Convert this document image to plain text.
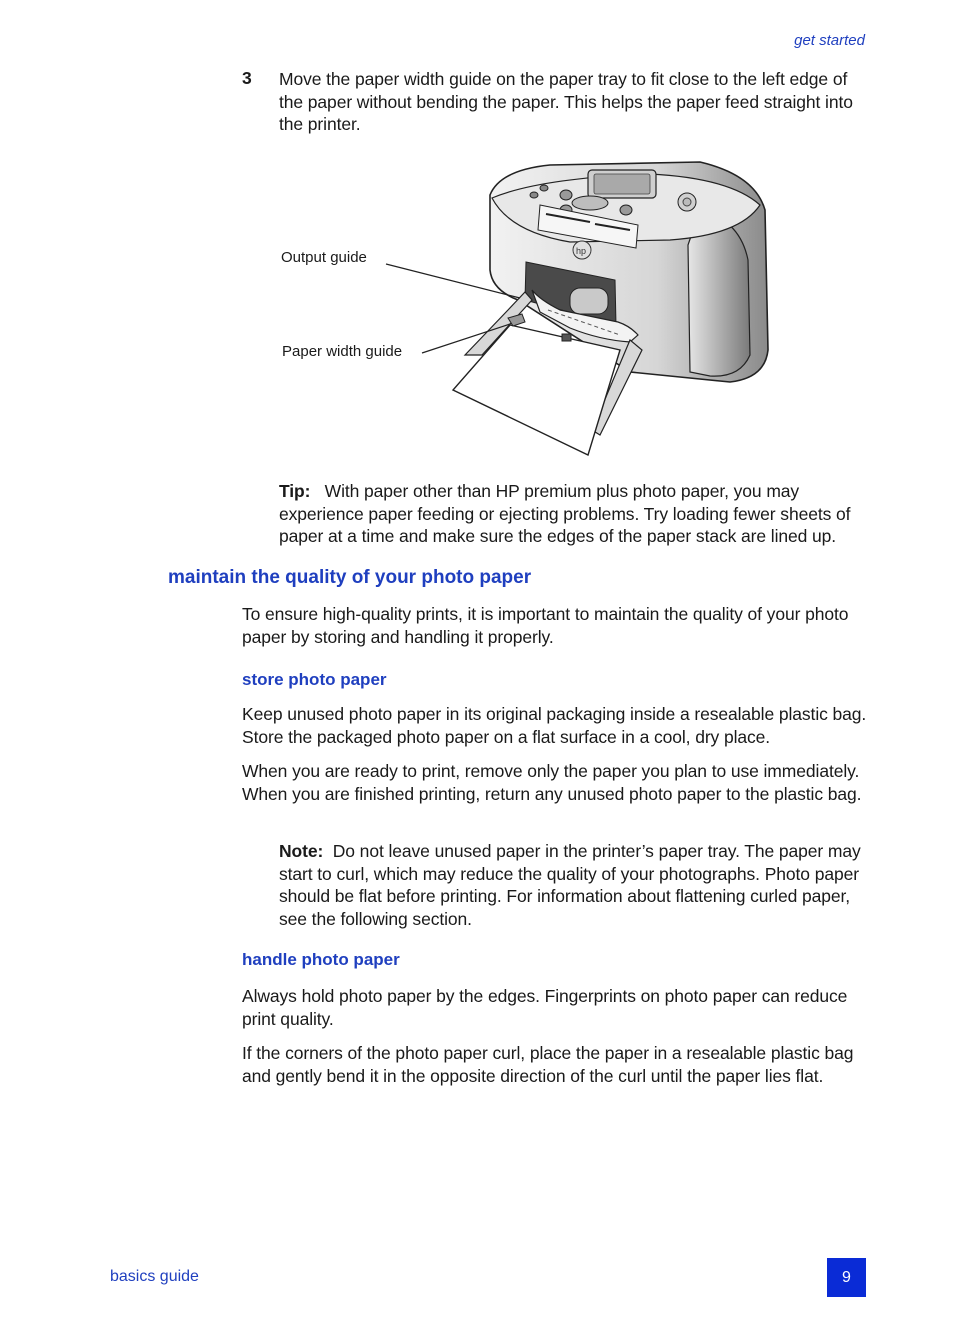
get started
3 Move the paper width guide on the paper tray to fit close to the left edge of the paper without bending the paper. This helps the paper feed straight into the printer.
hp
Output guide
Paper width guide
Tip: With paper other than HP premium plus photo paper, you may experience paper feeding or ejecting problems. Try loading fewer sheets of paper at a time and make sure the edges of the paper stack are lined up.
maintain the quality of your photo paper
To ensure high-quality prints, it is important to maintain the quality of your photo paper by storing and handling it properly.
store photo paper
Keep unused photo paper in its original packaging inside a resealable plastic bag. Store the packaged photo paper on a flat surface in a cool, dry place.
When you are ready to print, remove only the paper you plan to use immediately. When you are finished printing, return any unused photo paper to the plastic bag.
Note: Do not leave unused paper in the printer’s paper tray. The paper may start to curl, which may reduce the quality of your photographs. Photo paper should be flat before printing. For information about flattening curled paper, see the following section.
handle photo paper
Always hold photo paper by the edges. Fingerprints on photo paper can reduce print quality.
If the corners of the photo paper curl, place the paper in a resealable plastic bag and gently bend it in the opposite direction of the curl until the paper lies flat.
basics guide	9
